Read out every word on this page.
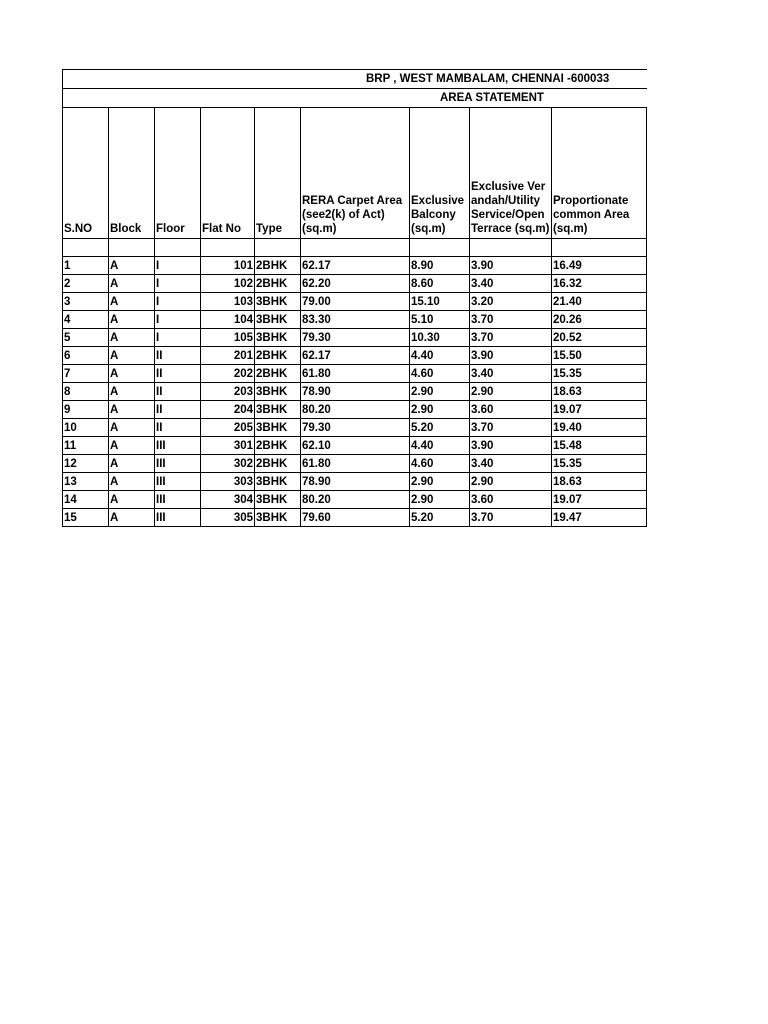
BRP , WEST MAMBALAM, CHENNAI -600033								
AREA STATEMENT								

S.NO	Block	Floor	Flat No	Type	RERA Carpet Area (see2(k) of Act) (sq.m)	Exclusive Balcony (sq.m)	Exclusive Verandah/Utility Service/Open Terrace (sq.m)	Proportionate common Area (sq.m)

1	A	I	101	2BHK	62.17	8.90	3.90	16.49
2	A	I	102	2BHK	62.20	8.60	3.40	16.32
3	A	I	103	3BHK	79.00	15.10	3.20	21.40
4	A	I	104	3BHK	83.30	5.10	3.70	20.26
5	A	I	105	3BHK	79.30	10.30	3.70	20.52
6	A	II	201	2BHK	62.17	4.40	3.90	15.50
7	A	II	202	2BHK	61.80	4.60	3.40	15.35
8	A	II	203	3BHK	78.90	2.90	2.90	18.63
9	A	II	204	3BHK	80.20	2.90	3.60	19.07
10	A	II	205	3BHK	79.30	5.20	3.70	19.40
11	A	III	301	2BHK	62.10	4.40	3.90	15.48
12	A	III	302	2BHK	61.80	4.60	3.40	15.35
13	A	III	303	3BHK	78.90	2.90	2.90	18.63
14	A	III	304	3BHK	80.20	2.90	3.60	19.07
15	A	III	305	3BHK	79.60	5.20	3.70	19.47
